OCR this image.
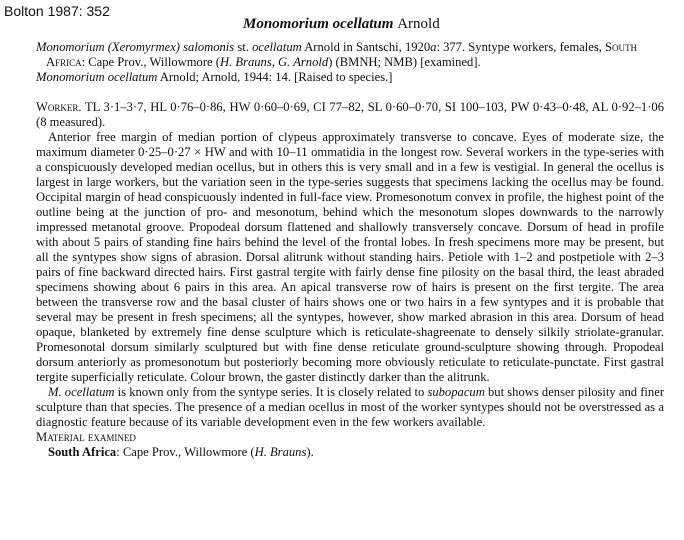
Bolton 1987: 352
Monomorium ocellatum Arnold

Monomorium (Xeromyrmex) salomonis st. ocellatum Arnold in Santschi, 1920a: 377. Syntype workers, females, South Africa: Cape Prov., Willowmore (H. Brauns, G. Arnold) (BMNH; NMB) [examined].

Monomorium ocellatum Arnold; Arnold, 1944: 14. [Raised to species.]

Worker. TL 3·1–3·7, HL 0·76–0·86, HW 0·60–0·69, CI 77–82, SL 0·60–0·70, SI 100–103, PW 0·43–0·48, AL 0·92–1·06 (8 measured).

Anterior free margin of median portion of clypeus approximately transverse to concave. Eyes of moderate size, the maximum diameter 0·25–0·27 × HW and with 10–11 ommatidia in the longest row. Several workers in the type-series with a conspicuously developed median ocellus, but in others this is very small and in a few is vestigial. In general the ocellus is largest in large workers, but the variation seen in the type-series suggests that specimens lacking the ocellus may be found. Occipital margin of head conspicuously indented in full-face view. Promesonotum convex in profile, the highest point of the outline being at the junction of pro- and mesonotum, behind which the mesonotum slopes downwards to the narrowly impressed metanotal groove. Propodeal dorsum flattened and shallowly transversely concave. Dorsum of head in profile with about 5 pairs of standing fine hairs behind the level of the frontal lobes. In fresh specimens more may be present, but all the syntypes show signs of abrasion. Dorsal alitrunk without standing hairs. Petiole with 1–2 and postpetiole with 2–3 pairs of fine backward directed hairs. First gastral tergite with fairly dense fine pilosity on the basal third, the least abraded specimens showing about 6 pairs in this area. An apical transverse row of hairs is present on the first tergite. The area between the transverse row and the basal cluster of hairs shows one or two hairs in a few syntypes and it is probable that several may be present in fresh specimens; all the syntypes, however, show marked abrasion in this area. Dorsum of head opaque, blanketed by extremely fine dense sculpture which is reticulate-shagreenate to densely silkily striolate-granular. Promesonotal dorsum similarly sculptured but with fine dense reticulate ground-sculpture showing through. Propodeal dorsum anteriorly as promesonotum but posteriorly becoming more obviously reticulate to reticulate-punctate. First gastral tergite superficially reticulate. Colour brown, the gaster distinctly darker than the alitrunk.

M. ocellatum is known only from the syntype series. It is closely related to subopacum but shows denser pilosity and finer sculpture than that species. The presence of a median ocellus in most of the worker syntypes should not be overstressed as a diagnostic feature because of its variable development even in the few workers available.

Material examined

South Africa: Cape Prov., Willowmore (H. Brauns).
